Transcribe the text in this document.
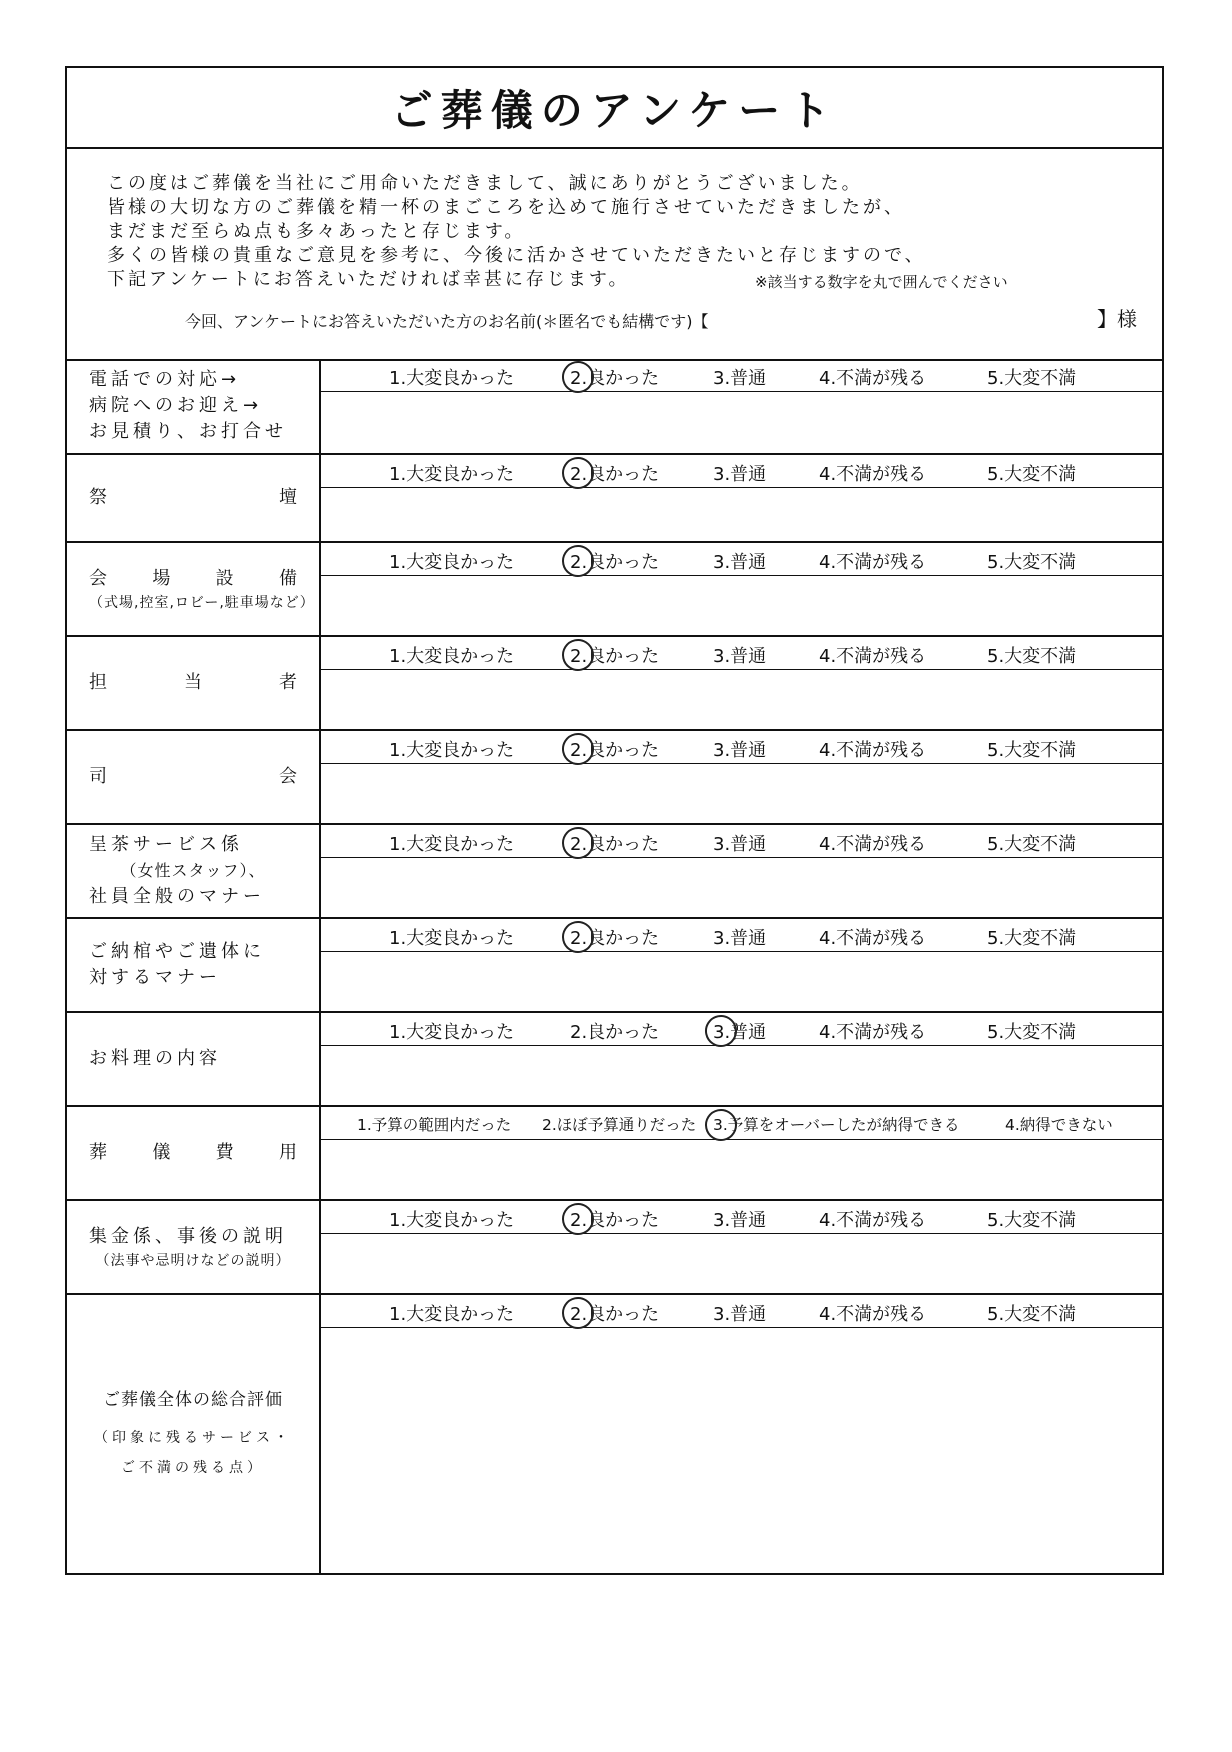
ご葬儀のアンケート
この度はご葬儀を当社にご用命いただきまして、誠にありがとうございました。
皆様の大切な方のご葬儀を精一杯のまごころを込めて施行させていただきましたが、
まだまだ至らぬ点も多々あったと存じます。
多くの皆様の貴重なご意見を参考に、今後に活かさせていただきたいと存じますので、
下記アンケートにお答えいただければ幸甚に存じます。	※該当する数字を丸で囲んでください
今回、アンケートにお答えいただいた方のお名前(＊匿名でも結構です)【	】様
電話での対応→
病院へのお迎え→
お見積り、お打合せ
1.大変良かった	2.良かった	3.普通	4.不満が残る	5.大変不満
祭	壇
1.大変良かった	2.良かった	3.普通	4.不満が残る	5.大変不満
会	場	設	備
（式場,控室,ロビー,駐車場など）
1.大変良かった	2.良かった	3.普通	4.不満が残る	5.大変不満
担	当	者
1.大変良かった	2.良かった	3.普通	4.不満が残る	5.大変不満
司	会
1.大変良かった	2.良かった	3.普通	4.不満が残る	5.大変不満
呈茶サービス係
（女性スタッフ）、
社員全般のマナー
1.大変良かった	2.良かった	3.普通	4.不満が残る	5.大変不満
ご納棺やご遺体に
対するマナー
1.大変良かった	2.良かった	3.普通	4.不満が残る	5.大変不満
お料理の内容
1.大変良かった	2.良かった	3.普通	4.不満が残る	5.大変不満
葬	儀	費	用
1.予算の範囲内だった 2.ほぼ予算通りだった 3.予算をオーバーしたが納得できる	4.納得できない
集金係、事後の説明
（法事や忌明けなどの説明）
1.大変良かった	2.良かった	3.普通	4.不満が残る	5.大変不満
ご葬儀全体の総合評価
（印象に残るサービス・
ご不満の残る点）
1.大変良かった	2.良かった	3.普通	4.不満が残る	5.大変不満
